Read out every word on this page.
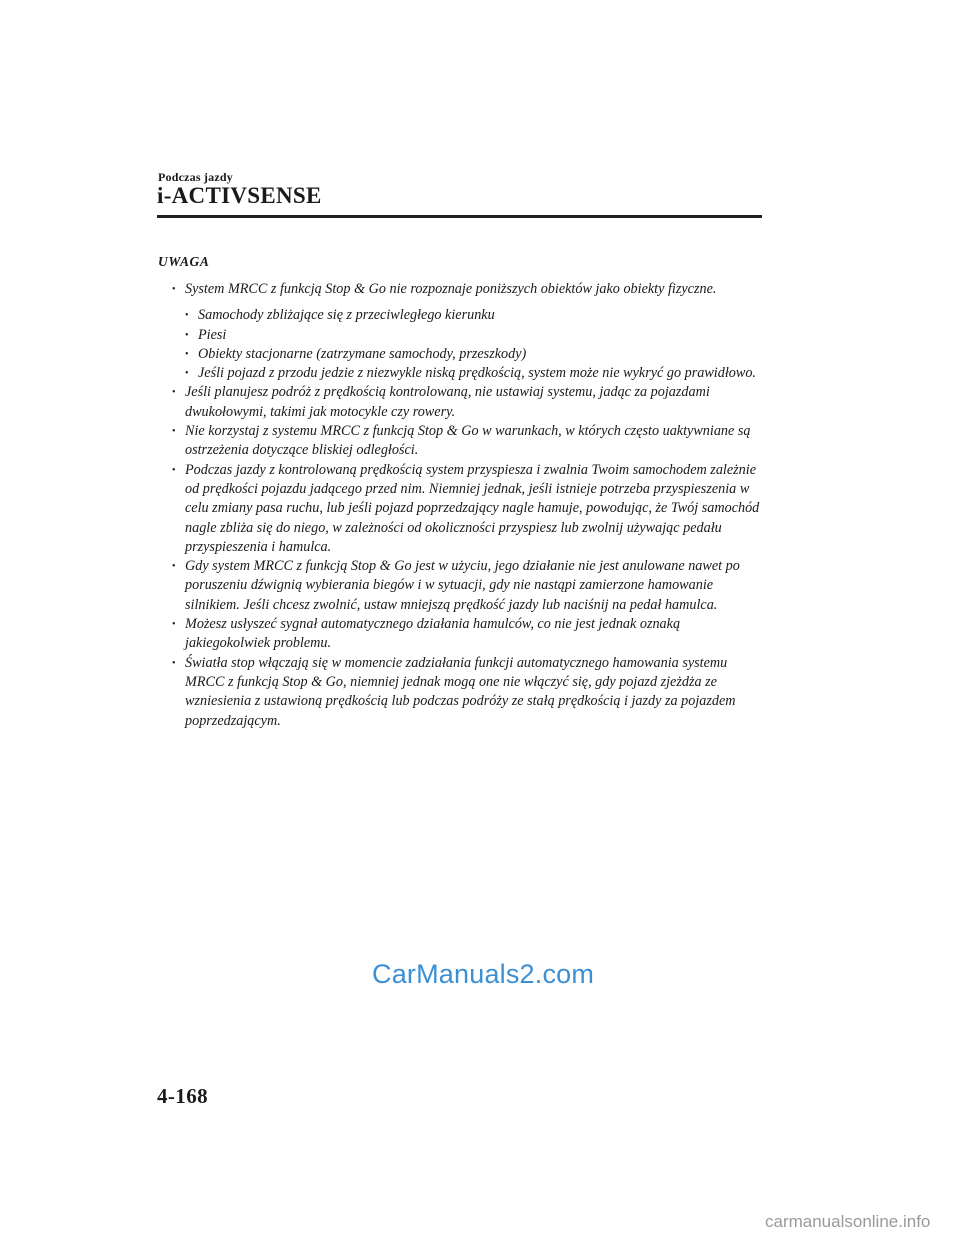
Podczas jazdy
i-ACTIVSENSE
UWAGA
• System MRCC z funkcją Stop & Go nie rozpoznaje poniższych obiektów jako obiekty fizyczne.
• Samochody zbliżające się z przeciwległego kierunku
• Piesi
• Obiekty stacjonarne (zatrzymane samochody, przeszkody)
• Jeśli pojazd z przodu jedzie z niezwykle niską prędkością, system może nie wykryć go prawidłowo.
• Jeśli planujesz podróż z prędkością kontrolowaną, nie ustawiaj systemu, jadąc za pojazdami dwukołowymi, takimi jak motocykle czy rowery.
• Nie korzystaj z systemu MRCC z funkcją Stop & Go w warunkach, w których często uaktywniane są ostrzeżenia dotyczące bliskiej odległości.
• Podczas jazdy z kontrolowaną prędkością system przyspiesza i zwalnia Twoim samochodem zależnie od prędkości pojazdu jadącego przed nim. Niemniej jednak, jeśli istnieje potrzeba przyspieszenia w celu zmiany pasa ruchu, lub jeśli pojazd poprzedzający nagle hamuje, powodując, że Twój samochód nagle zbliża się do niego, w zależności od okoliczności przyspiesz lub zwolnij używając pedału przyspieszenia i hamulca.
• Gdy system MRCC z funkcją Stop & Go jest w użyciu, jego działanie nie jest anulowane nawet po poruszeniu dźwignią wybierania biegów i w sytuacji, gdy nie nastąpi zamierzone hamowanie silnikiem. Jeśli chcesz zwolnić, ustaw mniejszą prędkość jazdy lub naciśnij na pedał hamulca.
• Możesz usłyszeć sygnał automatycznego działania hamulców, co nie jest jednak oznaką jakiegokolwiek problemu.
• Światła stop włączają się w momencie zadziałania funkcji automatycznego hamowania systemu MRCC z funkcją Stop & Go, niemniej jednak mogą one nie włączyć się, gdy pojazd zjeżdża ze wzniesienia z ustawioną prędkością lub podczas podróży ze stałą prędkością i jazdy za pojazdem poprzedzającym.
CarManuals2.com
4-168
carmanualsonline.info
